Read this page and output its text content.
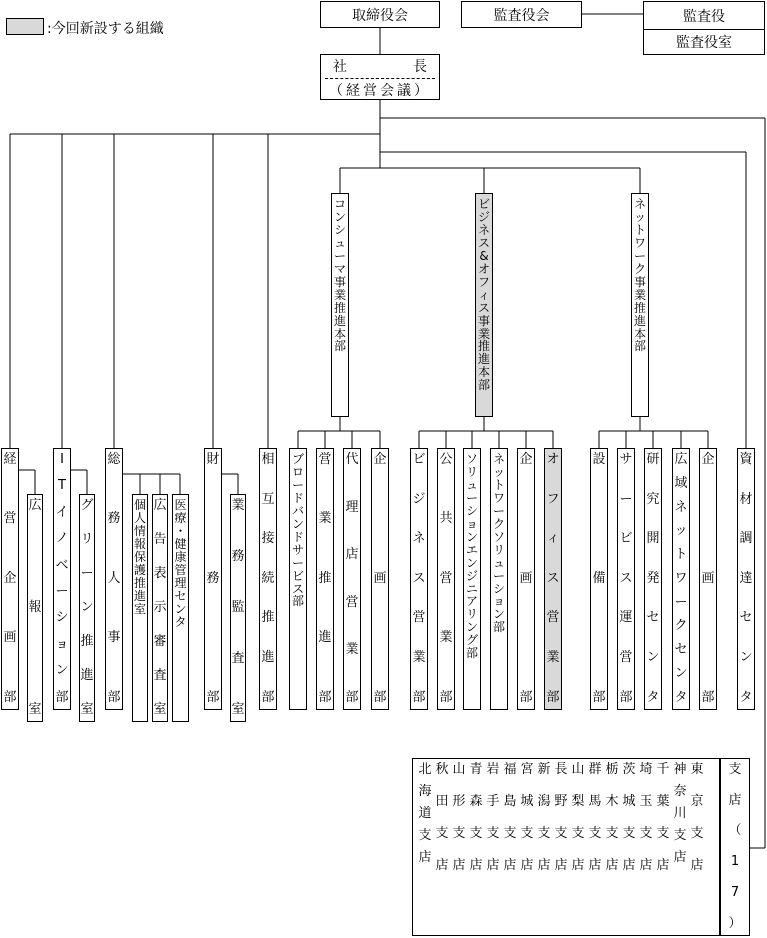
:今回新設する組織
取締役会	監査役会	監査役
監査役室
社	長
（経営会議）
コ
ン
シ
ュ
ー
マ
事
業
推
進
本
部
ビ
ジ
ネ
ス
&
オ
フ
ィ
ス
事
業
推
進
本
部
ネ
ッ
ト
ワ
ー
ク
事
業
推
進
本
部
経
営
企
画
部
広
報
室
I
T
イ
ノ
ベ
ー
シ
ョ
ン
部
グ
リ
ー
ン
推
進
室
総
務
人
事
部
個
人
情
報
保
護
推
進
室
広
告
表
示
審
査
室
医
療
・
健
康
管
理
セ
ン
タ
財
務
部
業
務
監
査
室
相
互
接
続
推
進
部
ブ
ロ
ー
ド
バ
ン
ド
サ
ー
ビ
ス
部
営
業
推
進
部
代
理
店
営
業
部
企
画
部
ビ
ジ
ネ
ス
営
業
部
公
共
営
業
部
ソ
リ
ュ
ー
シ
ョ
ン
エ
ン
ジ
ニ
ア
リ
ン
グ
部
ネ
ッ
ト
ワ
ー
ク
ソ
リ
ュ
ー
シ
ョ
ン
部
企
画
部
オ
フ
ィ
ス
営
業
部
設
備
部
サ
ー
ビ
ス
運
営
部
研
究
開
発
セ
ン
タ
広
域
ネ
ッ
ト
ワ
ー
ク
セ
ン
タ
企
画
部
資
材
調
達
セ
ン
タ
北
海
道
支
店
秋
田
支
店
山
形
支
店
青
森
支
店
岩
手
支
店
福
島
支
店
宮
城
支
店
新
潟
支
店
長
野
支
店
山
梨
支
店
群
馬
支
店
栃
木
支
店
茨
城
支
店
埼
玉
支
店
千
葉
支
店
神
奈
川
支
店
東
京
支
店
支
店
（
1
7
）
